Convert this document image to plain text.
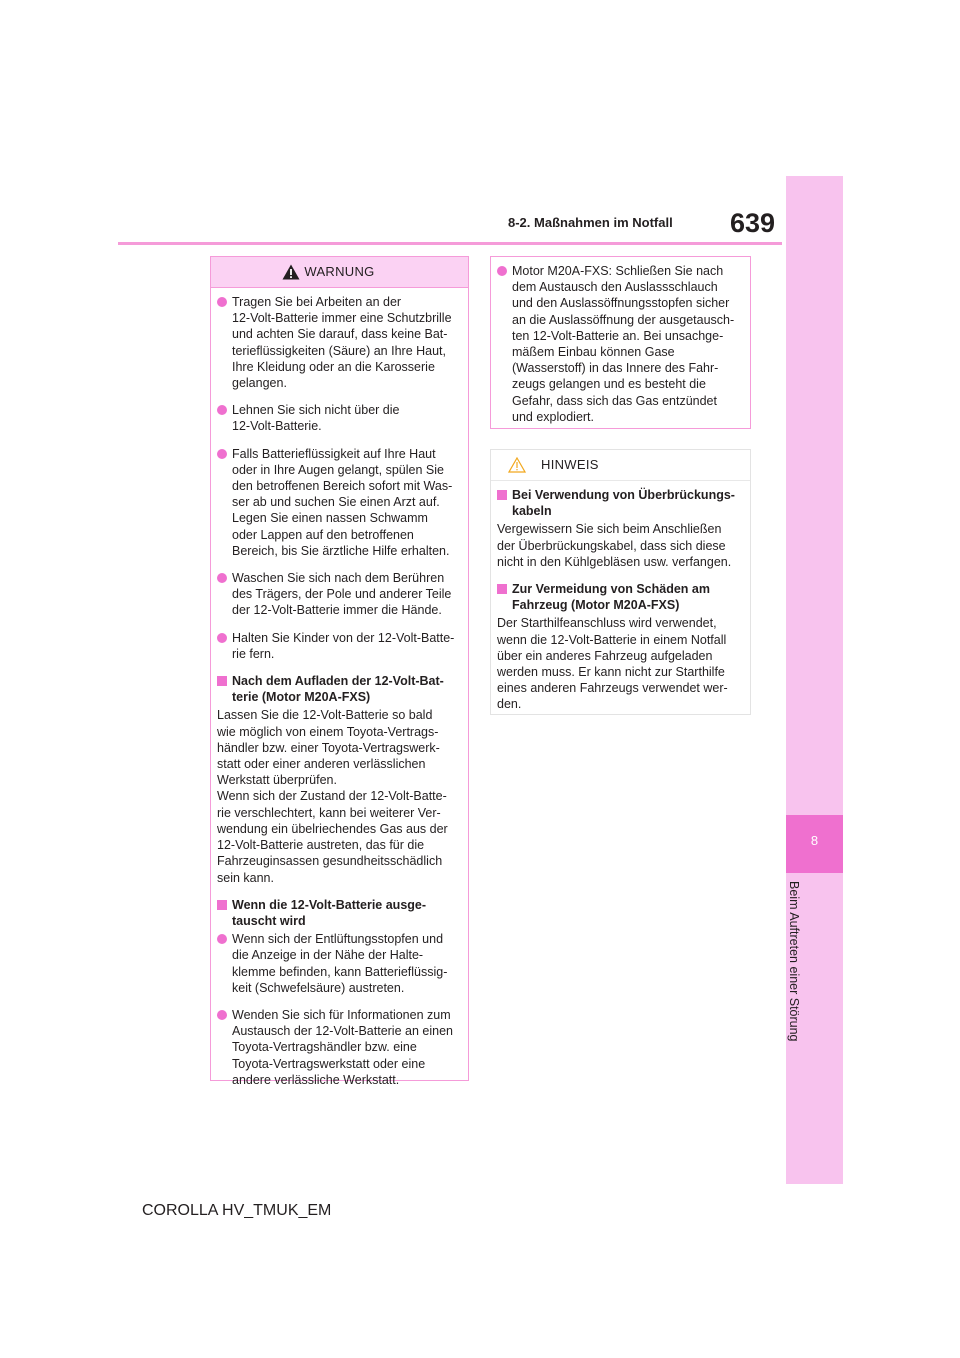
639
8-2. Maßnahmen im Notfall
8
Beim Auftreten einer Störung
WARNUNG
Tragen Sie bei Arbeiten an der
12-Volt-Batterie immer eine Schutzbrille
und achten Sie darauf, dass keine Bat-
terieflüssigkeiten (Säure) an Ihre Haut,
Ihre Kleidung oder an die Karosserie
gelangen.
Lehnen Sie sich nicht über die
12-Volt-Batterie.
Falls Batterieflüssigkeit auf Ihre Haut
oder in Ihre Augen gelangt, spülen Sie
den betroffenen Bereich sofort mit Was-
ser ab und suchen Sie einen Arzt auf.
Legen Sie einen nassen Schwamm
oder Lappen auf den betroffenen
Bereich, bis Sie ärztliche Hilfe erhalten.
Waschen Sie sich nach dem Berühren
des Trägers, der Pole und anderer Teile
der 12-Volt-Batterie immer die Hände.
Halten Sie Kinder von der 12-Volt-Batte-
rie fern.
Nach dem Aufladen der 12-Volt-Bat-
terie (Motor M20A-FXS)
Lassen Sie die 12-Volt-Batterie so bald
wie möglich von einem Toyota-Vertrags-
händler bzw. einer Toyota-Vertragswerk-
statt oder einer anderen verlässlichen
Werkstatt überprüfen.
Wenn sich der Zustand der 12-Volt-Batte-
rie verschlechtert, kann bei weiterer Ver-
wendung ein übelriechendes Gas aus der
12-Volt-Batterie austreten, das für die
Fahrzeuginsassen gesundheitsschädlich
sein kann.
Wenn die 12-Volt-Batterie ausge-
tauscht wird
Wenn sich der Entlüftungsstopfen und
die Anzeige in der Nähe der Halte-
klemme befinden, kann Batterieflüssig-
keit (Schwefelsäure) austreten.
Wenden Sie sich für Informationen zum
Austausch der 12-Volt-Batterie an einen
Toyota-Vertragshändler bzw. eine
Toyota-Vertragswerkstatt oder eine
andere verlässliche Werkstatt.
Motor M20A-FXS: Schließen Sie nach
dem Austausch den Auslassschlauch
und den Auslassöffnungsstopfen sicher
an die Auslassöffnung der ausgetausch-
ten 12-Volt-Batterie an. Bei unsachge-
mäßem Einbau können Gase
(Wasserstoff) in das Innere des Fahr-
zeugs gelangen und es besteht die
Gefahr, dass sich das Gas entzündet
und explodiert.
HINWEIS
Bei Verwendung von Überbrückungs-
kabeln
Vergewissern Sie sich beim Anschließen
der Überbrückungskabel, dass sich diese
nicht in den Kühlgebläsen usw. verfangen.
Zur Vermeidung von Schäden am
Fahrzeug (Motor M20A-FXS)
Der Starthilfeanschluss wird verwendet,
wenn die 12-Volt-Batterie in einem Notfall
über ein anderes Fahrzeug aufgeladen
werden muss. Er kann nicht zur Starthilfe
eines anderen Fahrzeugs verwendet wer-
den.
COROLLA HV_TMUK_EM
